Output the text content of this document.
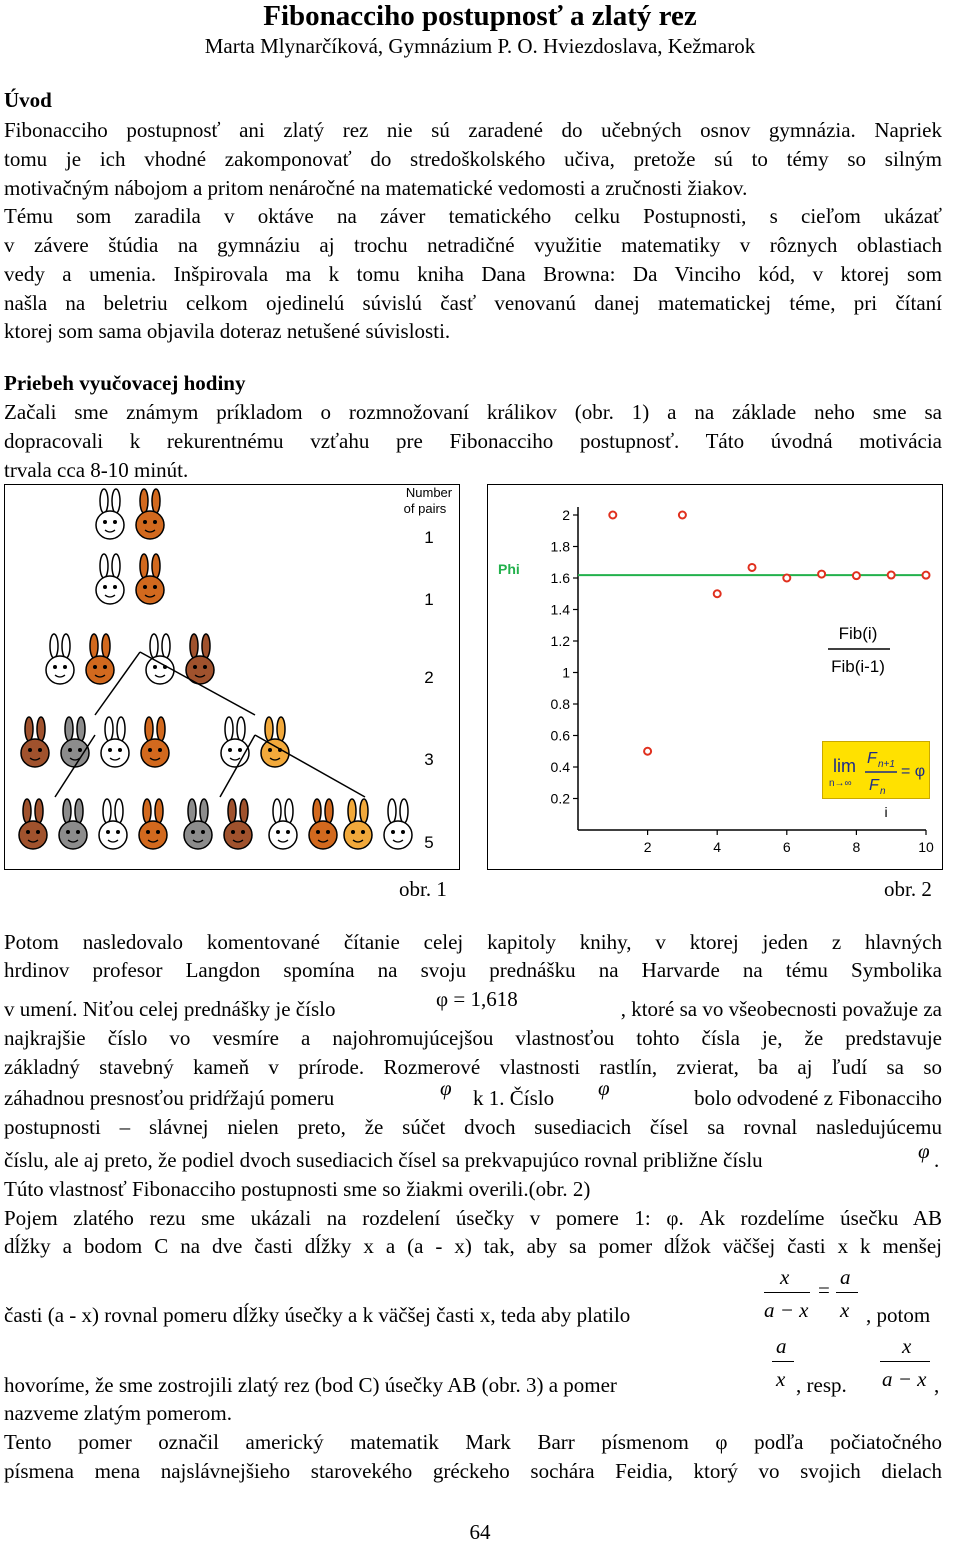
Fibonacciho postupnosť a zlatý rez
Marta Mlynarčíková, Gymnázium P. O. Hviezdoslava, Kežmarok
Úvod
Fibonacciho postupnosť ani zlatý rez nie sú zaradené do učebných osnov gymnázia. Napriek
tomu je ich vhodné zakomponovať do stredoškolského učiva, pretože sú to témy so silným
motivačným nábojom a pritom nenáročné na matematické vedomosti a zručnosti žiakov.
Tému som zaradila v oktáve na záver tematického celku Postupnosti, s cieľom ukázať
v závere štúdia na gymnáziu aj trochu netradičné využitie matematiky v rôznych oblastiach
vedy a umenia. Inšpirovala ma k tomu kniha Dana Browna: Da Vinciho kód, v ktorej som
našla na beletriu celkom ojedinelú súvislú časť venovanú danej matematickej téme, pri čítaní
ktorej som sama objavila doteraz netušené súvislosti.
Priebeh vyučovacej hodiny
Začali sme známym príkladom o rozmnožovaní králikov (obr. 1) a na základe neho sme sa
dopracovali k rekurentnému vzťahu pre Fibonacciho postupnosť. Táto úvodná motivácia
trvala cca 8-10 minút.
Number
of pairs
1
1
2
3
5
obr. 1
0.2
0.4
0.6
0.8
1
1.2
1.4
1.6
1.8
2
2	4	6	8	10
Phi
Fib(i)
Fib(i-1)
i
lim
n→∞
F n+1
F n
= φ
obr. 2
Potom nasledovalo komentované čítanie celej kapitoly knihy, v ktorej jeden z hlavných
hrdinov profesor Langdon spomína na svoju prednášku na Harvarde na tému Symbolika
v umení. Niťou celej prednášky je číslo	φ = 1,618	, ktoré sa vo všeobecnosti považuje za
najkrajšie číslo vo vesmíre a najohromujúcejšou vlastnosťou tohto čísla je, že predstavuje
základný stavebný kameň v prírode. Rozmerové vlastnosti rastlín, zvierat, ba aj ľudí sa so
záhadnou presnosťou pridŕžajú pomeru	φ k 1. Číslo φ	bolo odvodené z Fibonacciho
postupnosti – slávnej nielen preto, že súčet dvoch susediacich čísel sa rovnal nasledujúcemu
číslu, ale aj preto, že podiel dvoch susediacich čísel sa prekvapujúco rovnal približne číslu	φ .
Túto vlastnosť Fibonacciho postupnosti sme so žiakmi overili.(obr. 2)
Pojem zlatého rezu sme ukázali na rozdelení úsečky v pomere 1: φ. Ak rozdelíme úsečku AB
dĺžky a bodom C na dve časti dĺžky x a (a - x) tak, aby sa pomer dĺžok väčšej časti x k menšej
x
a − x
=
a
x
časti (a - x) rovnal pomeru dĺžky úsečky a k väčšej časti x, teda aby platilo	, potom
a
x
x
a − x
hovoríme, že sme zostrojili zlatý rez (bod C) úsečky AB (obr. 3) a pomer	, resp.	,
nazveme zlatým pomerom.
Tento pomer označil americký matematik Mark Barr písmenom φ podľa počiatočného
písmena mena najslávnejšieho starovekého gréckeho sochára Feidia, ktorý vo svojich dielach
64
